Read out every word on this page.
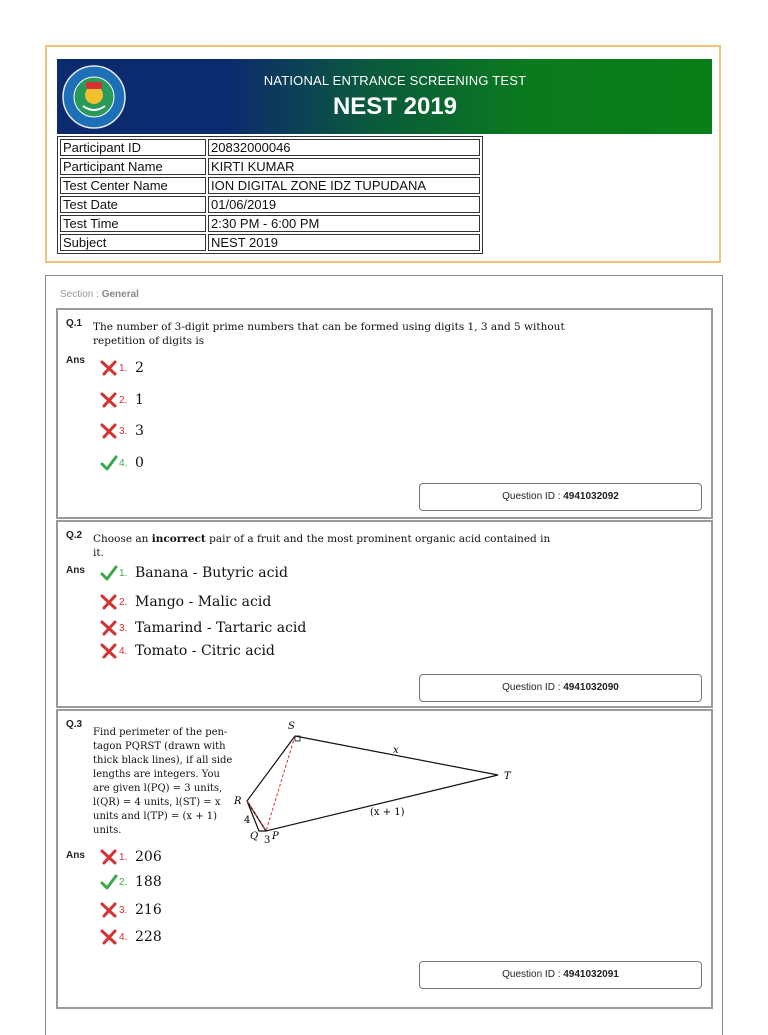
NATIONAL ENTRANCE SCREENING TEST
NEST 2019
Participant ID	20832000046
Participant Name	KIRTI KUMAR
Test Center Name	ION DIGITAL ZONE IDZ TUPUDANA
Test Date	01/06/2019
Test Time	2:30 PM - 6:00 PM
Subject	NEST 2019
Section : General
Q.1 The number of 3-digit prime numbers that can be formed using digits 1, 3 and 5 without
repetition of digits is
Ans
1. 2
2. 1
3. 3
4. 0
Question ID : 4941032092
Q.2 Choose an incorrect pair of a fruit and the most prominent organic acid contained in
it.
Ans	1. Banana - Butyric acid
2. Mango - Malic acid
3. Tamarind - Tartaric acid
4. Tomato - Citric acid
Question ID : 4941032090
Q.3
Find perimeter of the pen-
tagon PQRST (drawn with
thick black lines), if all side
lengths are integers. You
are given l(PQ) = 3 units,
l(QR) = 4 units, l(ST) = x
units and l(TP) = (x + 1)
units.
S
T
R
Q P
x
(x + 1)
4
3
Ans	1. 206
2. 188
3. 216
4. 228
Question ID : 4941032091
